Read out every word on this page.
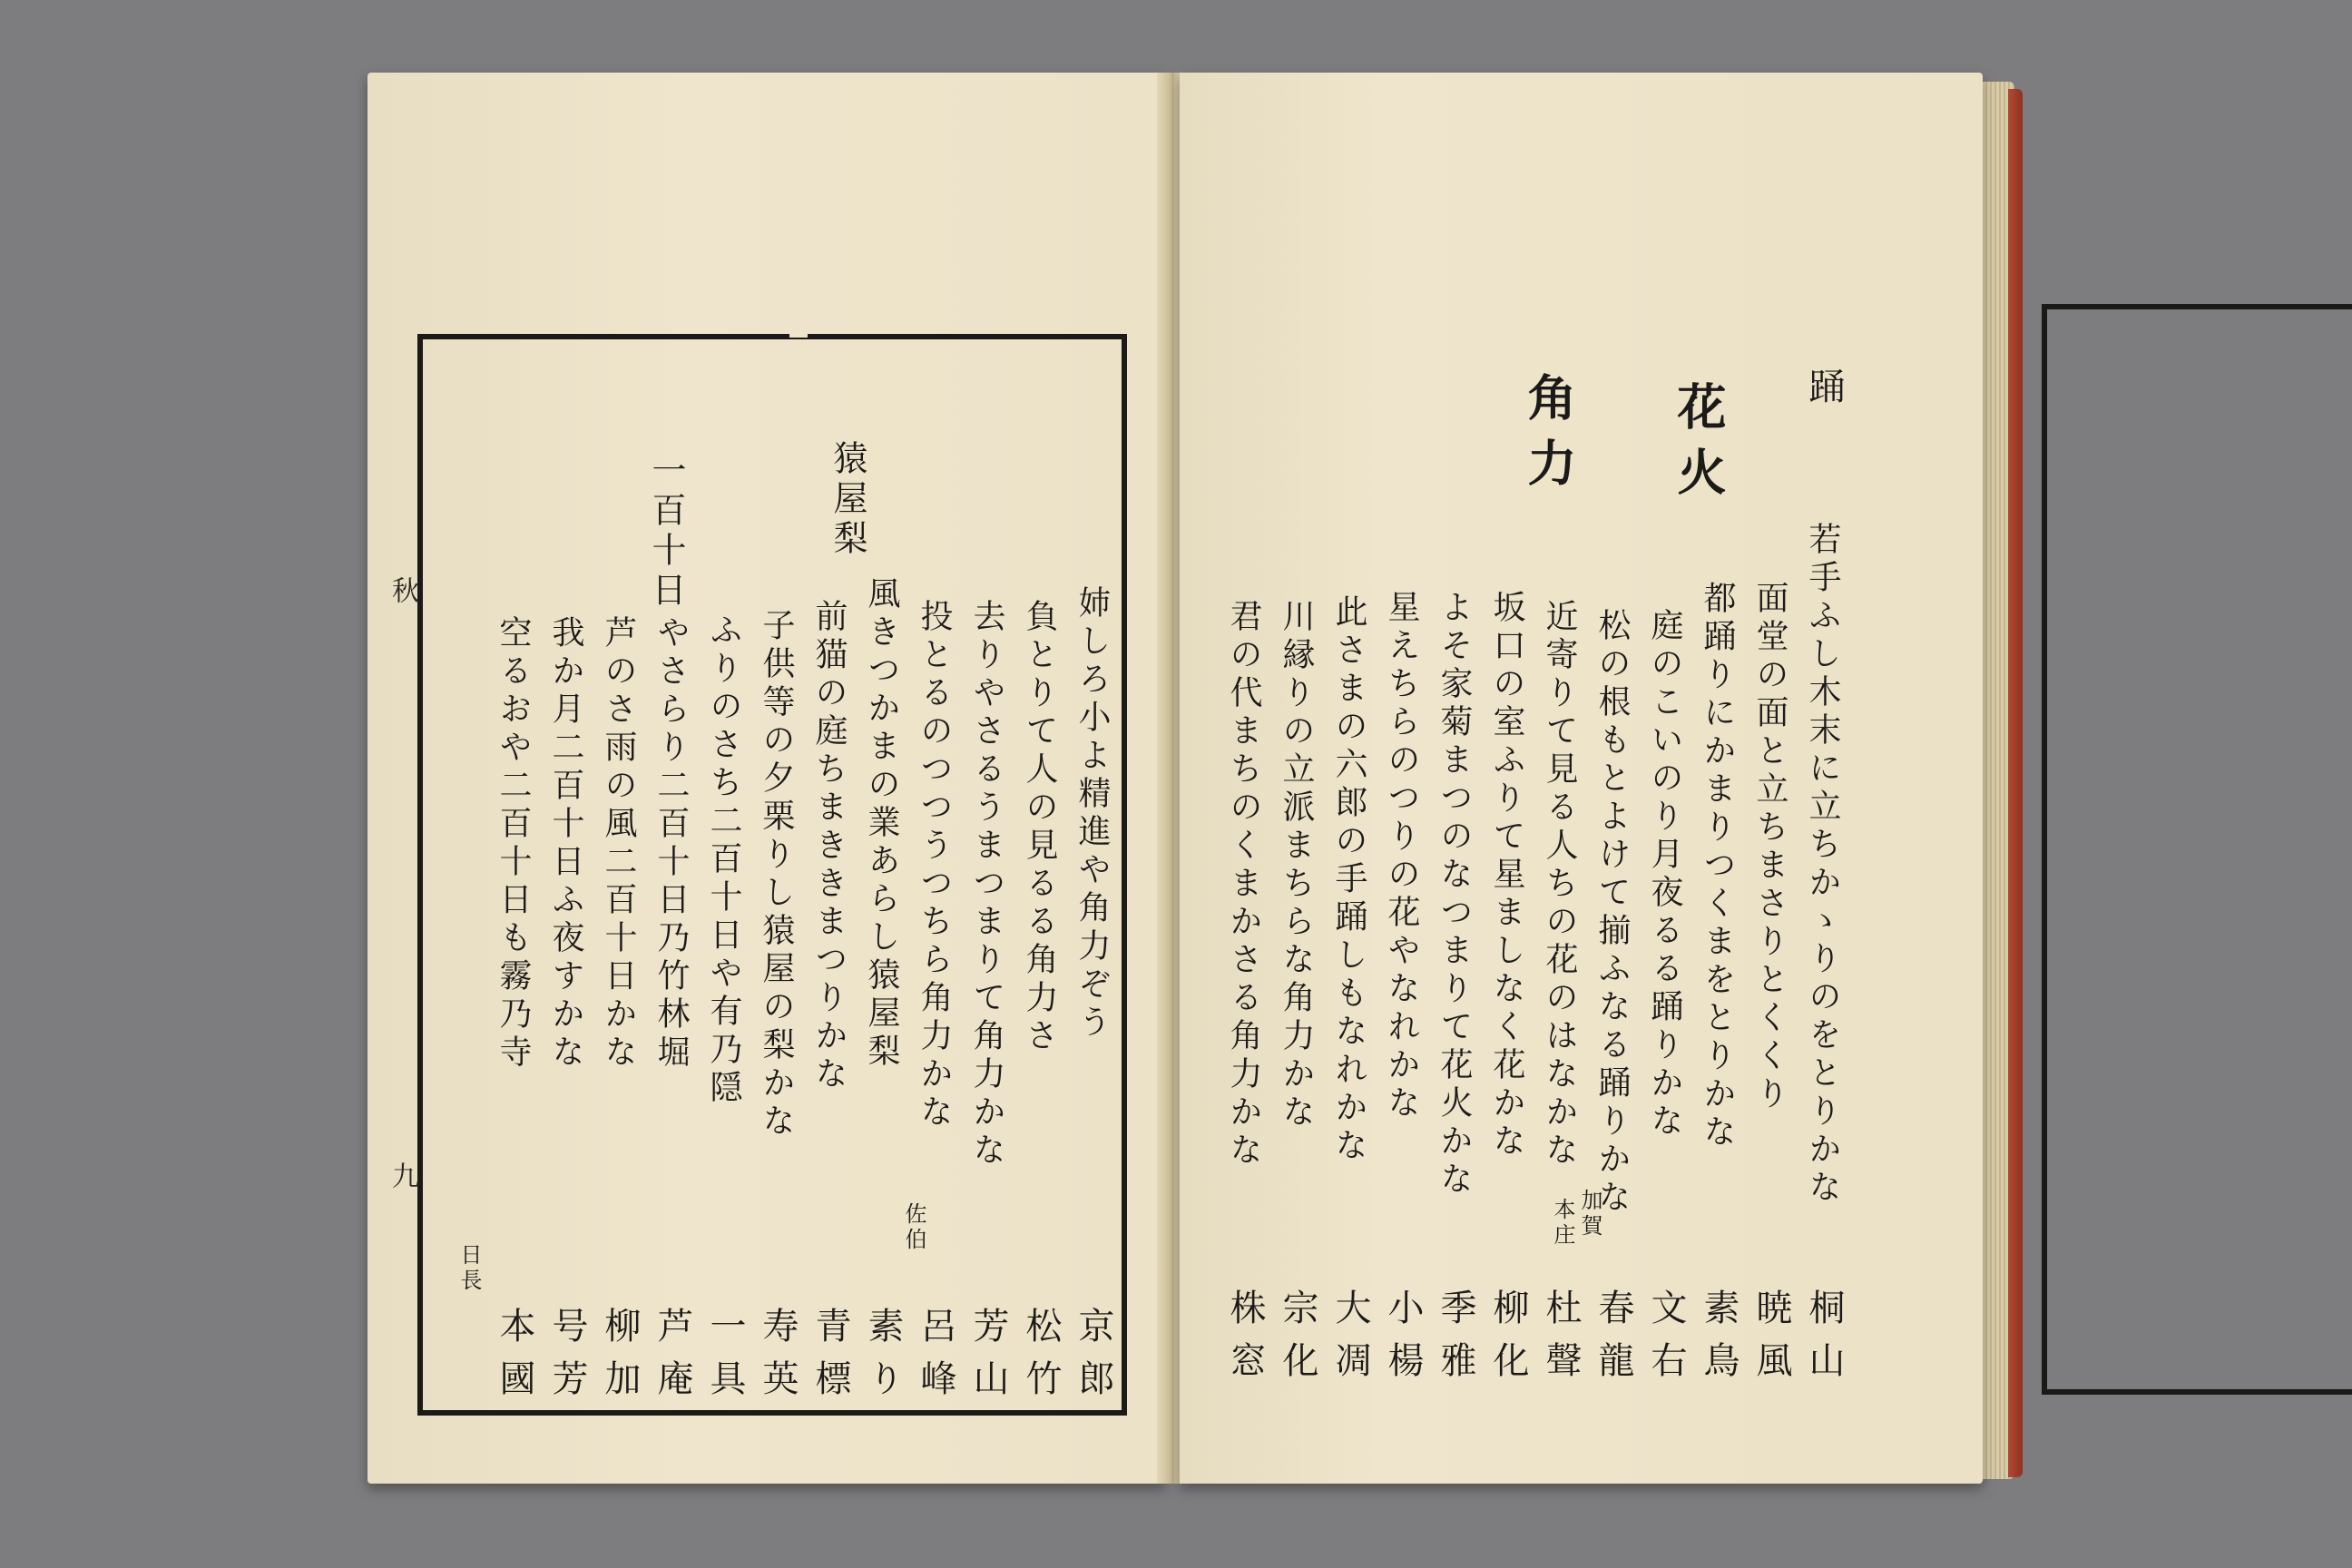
猿屋梨
一百十日
姉しろ小よ精進や角力ぞう
負とりて人の見るる角力さ
去りやさるうまつまりて角力かな
投とるのつつうつちら角力かな
風きつかまの業あらし猿屋梨
前猫の庭ちまききまつりかな
子供等の夕栗りし猿屋の梨かな
ふりのさち二百十日や有乃隠
やさらり二百十日乃竹林堀
芦のさ雨の風二百十日かな
我か月二百十日ふ夜すかな
空るおや二百十日も霧乃寺
佐伯
日長
京郎
松竹
芳山
呂峰
素り
青標
寿英
一具
芦庵
柳加
号芳
本國
秋
九
踊
花火
角力
若手ふし木末に立ちかゝりのをとりかな
面堂の面と立ちまさりとくくり
都踊りにかまりつくまをとりかな
庭のこいのり月夜るる踊りかな
松の根もとよけて揃ふなる踊りかな
近寄りて見る人ちの花のはなかな
坂口の室ふりて星ましなく花かな
よそ家菊まつのなつまりて花火かな
星えちらのつりの花やなれかな
此さまの六郎の手踊しもなれかな
川縁りの立派まちらな角力かな
君の代まちのくまかさる角力かな
加賀
本庄
桐山
暁風
素鳥
文右
春龍
杜聲
柳化
季雅
小楊
大凋
宗化
株窓
